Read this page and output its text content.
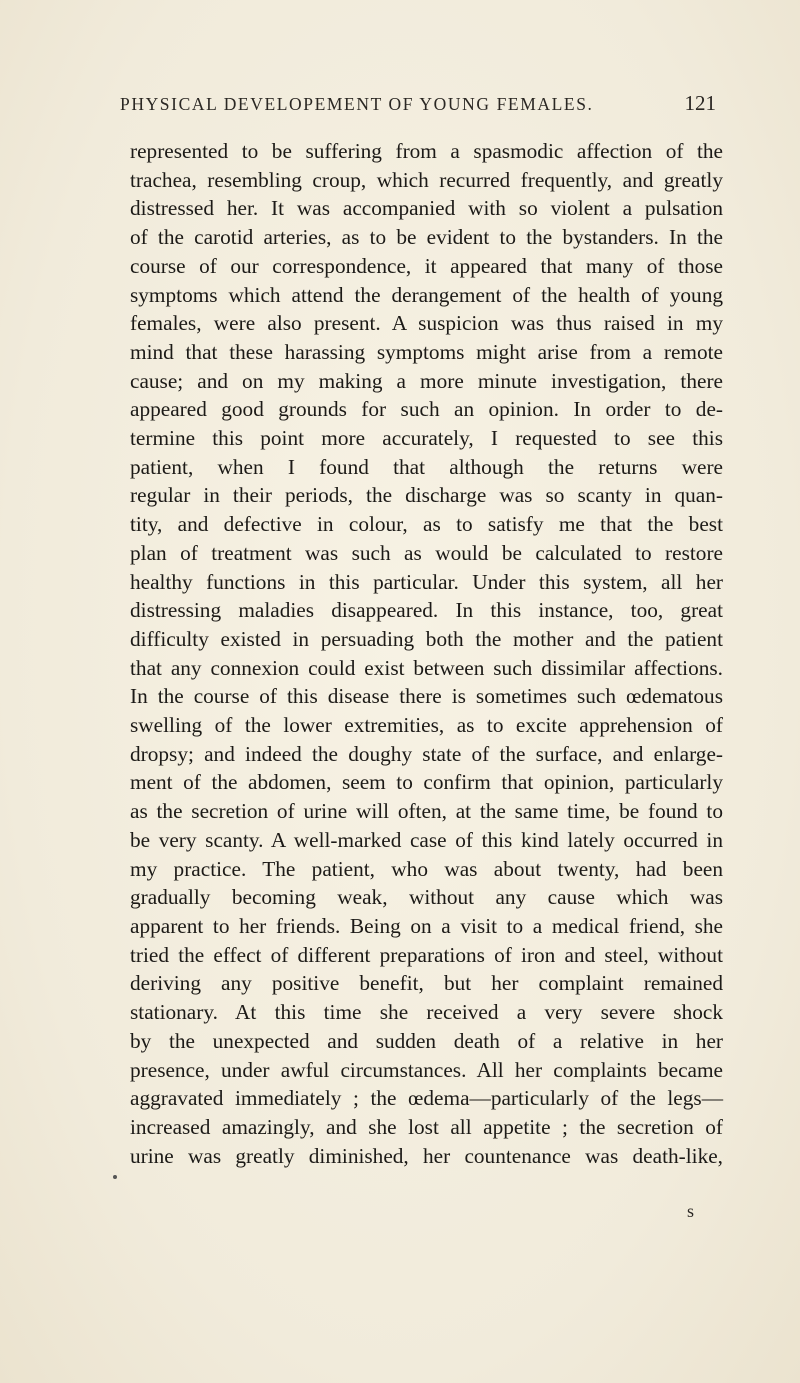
PHYSICAL DEVELOPEMENT OF YOUNG FEMALES.	121
represented to be suffering from a spasmodic affection of the
trachea, resembling croup, which recurred frequently, and greatly
distressed her. It was accompanied with so violent a pulsation
of the carotid arteries, as to be evident to the bystanders. In the
course of our correspondence, it appeared that many of those
symptoms which attend the derangement of the health of young
females, were also present. A suspicion was thus raised in my
mind that these harassing symptoms might arise from a remote
cause; and on my making a more minute investigation, there
appeared good grounds for such an opinion. In order to de-
termine this point more accurately, I requested to see this
patient, when I found that although the returns were
regular in their periods, the discharge was so scanty in quan-
tity, and defective in colour, as to satisfy me that the best
plan of treatment was such as would be calculated to restore
healthy functions in this particular. Under this system, all her
distressing maladies disappeared. In this instance, too, great
difficulty existed in persuading both the mother and the patient
that any connexion could exist between such dissimilar affections.
In the course of this disease there is sometimes such œdematous
swelling of the lower extremities, as to excite apprehension of
dropsy; and indeed the doughy state of the surface, and enlarge-
ment of the abdomen, seem to confirm that opinion, particularly
as the secretion of urine will often, at the same time, be found to
be very scanty. A well-marked case of this kind lately occurred in
my practice. The patient, who was about twenty, had been
gradually becoming weak, without any cause which was
apparent to her friends. Being on a visit to a medical friend, she
tried the effect of different preparations of iron and steel, without
deriving any positive benefit, but her complaint remained
stationary. At this time she received a very severe shock
by the unexpected and sudden death of a relative in her
presence, under awful circumstances. All her complaints became
aggravated immediately ; the œdema—particularly of the legs—
increased amazingly, and she lost all appetite ; the secretion of
urine was greatly diminished, her countenance was death-like,
s
